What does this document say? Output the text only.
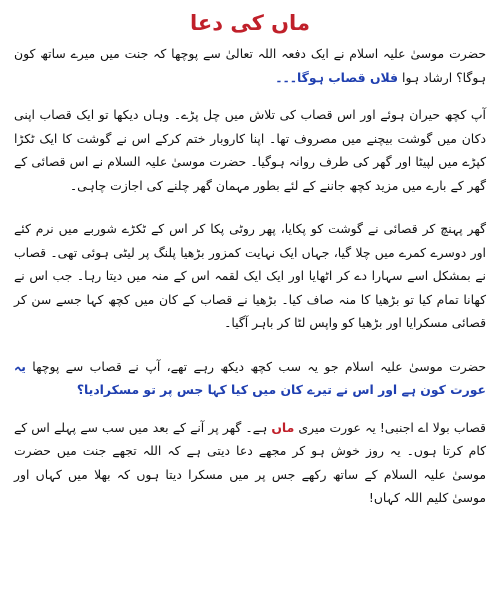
ماں کی دعا

حضرت موسیٰ علیہ اسلام نے ایک دفعہ اللہ تعالیٰ سے پوچھا کہ جنت میں میرے ساتھ کون ہوگا؟ ارشاد ہوا فلاں قصاب ہوگا۔۔۔

آپ کچھ حیران ہوئے اور اس قصاب کی تلاش میں چل پڑے۔ وہاں دیکھا تو ایک قصاب اپنی دکان میں گوشت بیچنے میں مصروف تھا۔ اپنا کاروبار ختم کرکے اس نے گوشت کا ایک ٹکڑا کپڑے میں لپیٹا اور گھر کی طرف روانہ ہوگیا۔ حضرت موسیٰ علیہ السلام نے اس قصائی کے گھر کے بارے میں مزید کچھ جاننے کے لئے بطور مہمان گھر چلنے کی اجازت چاہی۔

گھر پہنچ کر قصائی نے گوشت کو پکایا، پھر روٹی پکا کر اس کے ٹکڑے شوربے میں نرم کئے اور دوسرے کمرے میں چلا گیا، جہاں ایک نہایت کمزور بڑھیا پلنگ پر لیٹی ہوئی تھی۔ قصاب نے بمشکل اسے سہارا دے کر اٹھایا اور ایک ایک لقمہ اس کے منہ میں دیتا رہا۔ جب اس نے کھانا تمام کیا تو بڑھیا کا منہ صاف کیا۔ بڑھیا نے قصاب کے کان میں کچھ کہا جسے سن کر قصائی مسکرایا اور بڑھیا کو واپس لٹا کر باہر آگیا۔

حضرت موسیٰ علیہ اسلام جو یہ سب کچھ دیکھ رہے تھے، آپ نے قصاب سے پوچھا یہ عورت کون ہے اور اس نے تیرے کان میں کیا کہا جس پر تو مسکرادیا؟

قصاب بولا اے اجنبی! یہ عورت میری ماں ہے۔ گھر پر آنے کے بعد میں سب سے پہلے اس کے کام کرتا ہوں۔ یہ روز خوش ہو کر مجھے دعا دیتی ہے کہ اللہ تجھے جنت میں حضرت موسیٰ علیہ السلام کے ساتھ رکھے جس پر میں مسکرا دیتا ہوں کہ بھلا میں کہاں اور موسیٰ کلیم اللہ کہاں!
